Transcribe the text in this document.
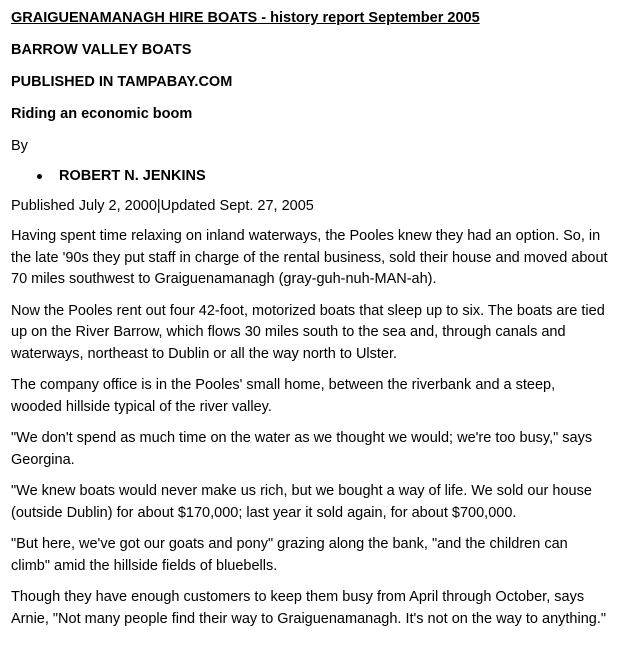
GRAIGUENAMANAGH HIRE BOATS - history report September 2005
BARROW VALLEY BOATS
PUBLISHED IN TAMPABAY.COM
Riding an economic boom
By
ROBERT N. JENKINS
Published July 2, 2000|Updated Sept. 27, 2005

Having spent time relaxing on inland waterways, the Pooles knew they had an option. So, in the late '90s they put staff in charge of the rental business, sold their house and moved about 70 miles southwest to Graiguenamanagh (gray-guh-nuh-MAN-ah).

Now the Pooles rent out four 42-foot, motorized boats that sleep up to six. The boats are tied up on the River Barrow, which flows 30 miles south to the sea and, through canals and waterways, northeast to Dublin or all the way north to Ulster.

The company office is in the Pooles' small home, between the riverbank and a steep, wooded hillside typical of the river valley.

"We don't spend as much time on the water as we thought we would; we're too busy," says Georgina.

"We knew boats would never make us rich, but we bought a way of life. We sold our house (outside Dublin) for about $170,000; last year it sold again, for about $700,000.

"But here, we've got our goats and pony" grazing along the bank, "and the children can climb" amid the hillside fields of bluebells.

Though they have enough customers to keep them busy from April through October, says Arnie, "Not many people find their way to Graiguenamanagh. It's not on the way to anything."
